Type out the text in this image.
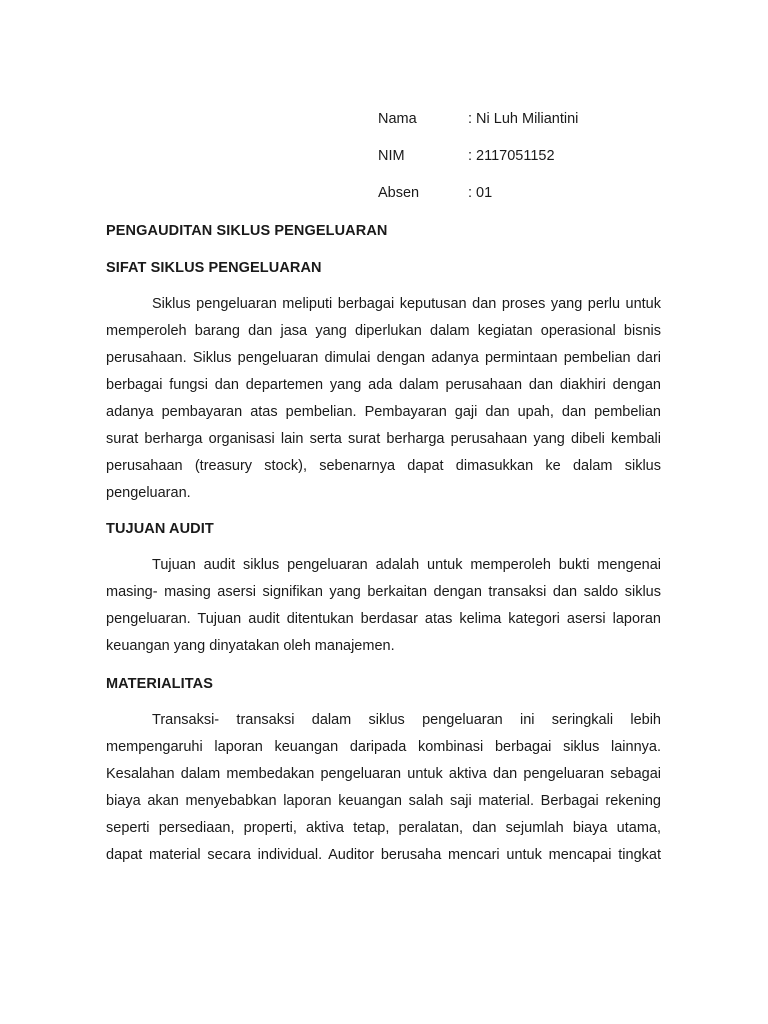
Nama	: Ni Luh Miliantini
NIM	: 2117051152
Absen	: 01
PENGAUDITAN SIKLUS PENGELUARAN
SIFAT SIKLUS PENGELUARAN
Siklus pengeluaran meliputi berbagai keputusan dan proses yang perlu untuk
memperoleh barang dan jasa yang diperlukan dalam kegiatan operasional bisnis
perusahaan. Siklus pengeluaran dimulai dengan adanya permintaan pembelian dari
berbagai fungsi dan departemen yang ada dalam perusahaan dan diakhiri dengan
adanya pembayaran atas pembelian. Pembayaran gaji dan upah, dan pembelian
surat berharga organisasi lain serta surat berharga perusahaan yang dibeli kembali
perusahaan (treasury stock), sebenarnya dapat dimasukkan ke dalam siklus
pengeluaran.
TUJUAN AUDIT
Tujuan audit siklus pengeluaran adalah untuk memperoleh bukti mengenai
masing- masing asersi signifikan yang berkaitan dengan transaksi dan saldo siklus
pengeluaran. Tujuan audit ditentukan berdasar atas kelima kategori asersi laporan
keuangan yang dinyatakan oleh manajemen.
MATERIALITAS
Transaksi- transaksi dalam siklus pengeluaran ini seringkali lebih
mempengaruhi laporan keuangan daripada kombinasi berbagai siklus lainnya.
Kesalahan dalam membedakan pengeluaran untuk aktiva dan pengeluaran sebagai
biaya akan menyebabkan laporan keuangan salah saji material. Berbagai rekening
seperti persediaan, properti, aktiva tetap, peralatan, dan sejumlah biaya utama,
dapat material secara individual. Auditor berusaha mencari untuk mencapai tingkat
